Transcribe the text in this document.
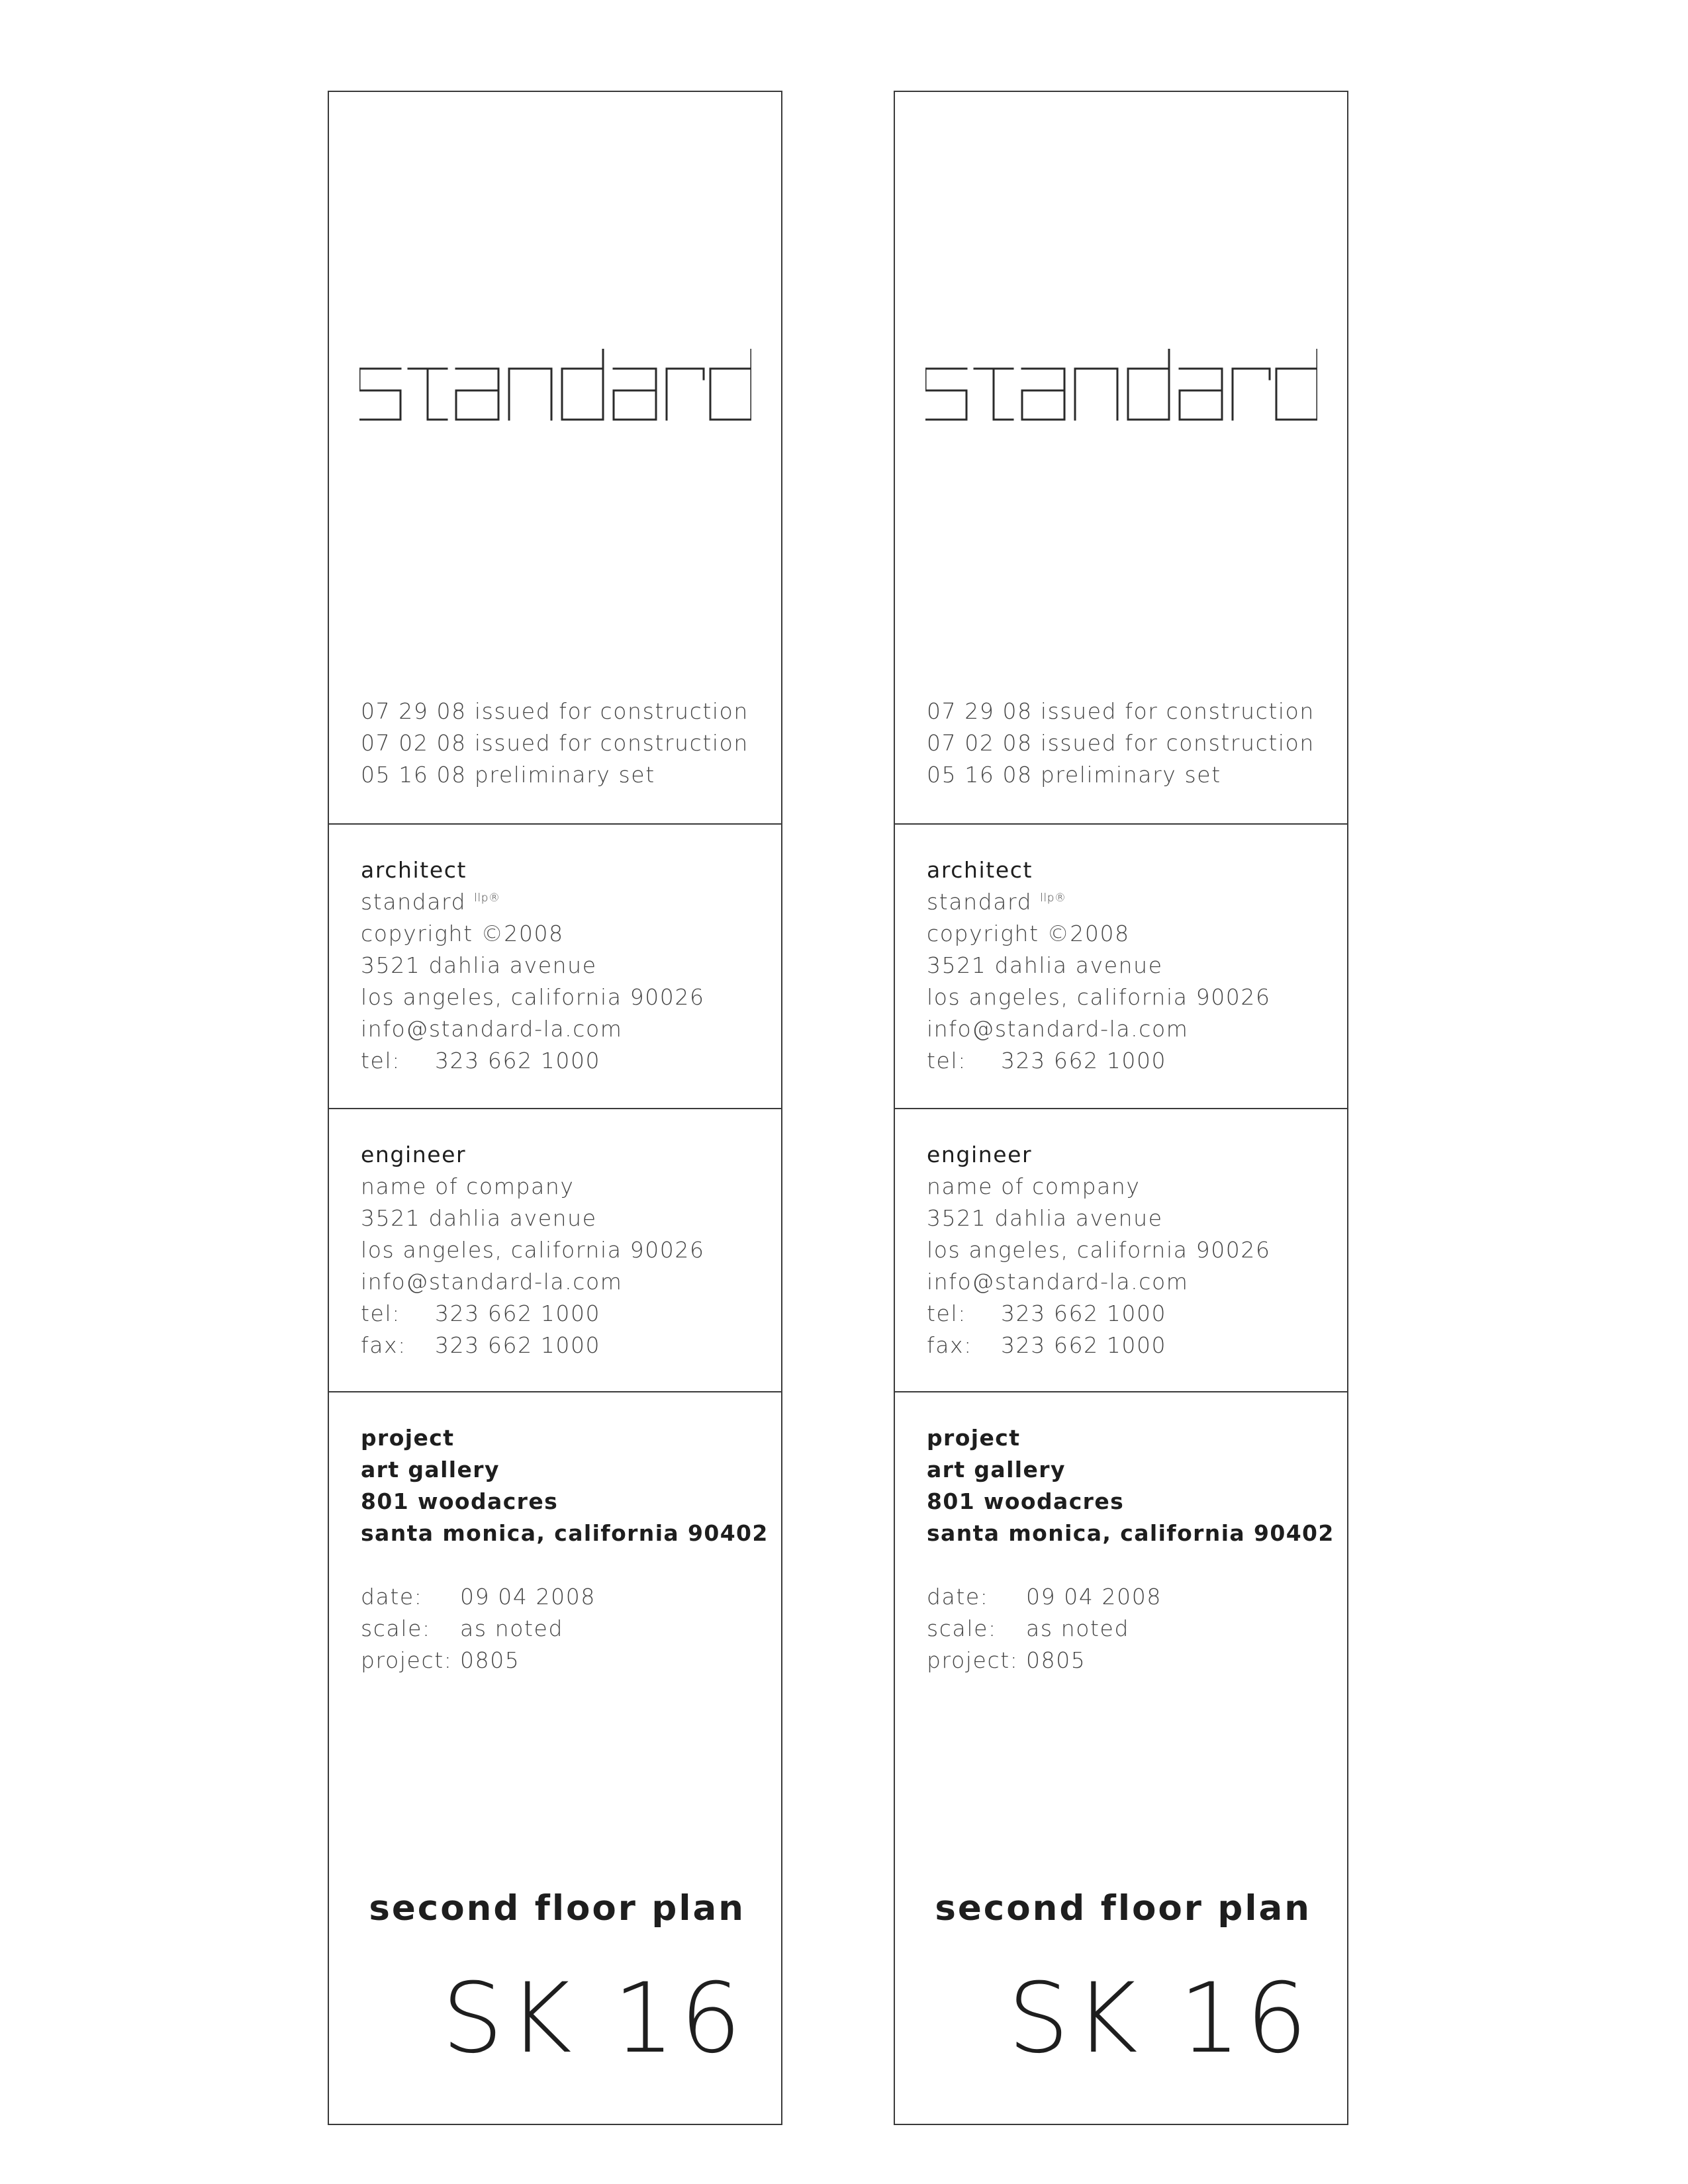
07 29 08 issued for construction
07 02 08 issued for construction
05 16 08 preliminary set
architect
standard $^{llp®}$
copyright ©2008
3521 dahlia avenue
los angeles, california 90026
info@standard-la.com
tel: 323 662 1000
engineer
name of company
3521 dahlia avenue
los angeles, california 90026
info@standard-la.com
tel: 323 662 1000
fax: 323 662 1000
project
art gallery
801 woodacres
santa monica, california 90402
date: 09 04 2008
scale: as noted
project: 0805
second floor plan
SK 16
07 29 08 issued for construction
07 02 08 issued for construction
05 16 08 preliminary set
architect
standard $^{llp®}$
copyright ©2008
3521 dahlia avenue
los angeles, california 90026
info@standard-la.com
tel: 323 662 1000
engineer
name of company
3521 dahlia avenue
los angeles, california 90026
info@standard-la.com
tel: 323 662 1000
fax: 323 662 1000
project
art gallery
801 woodacres
santa monica, california 90402
date: 09 04 2008
scale: as noted
project: 0805
second floor plan
SK 16
